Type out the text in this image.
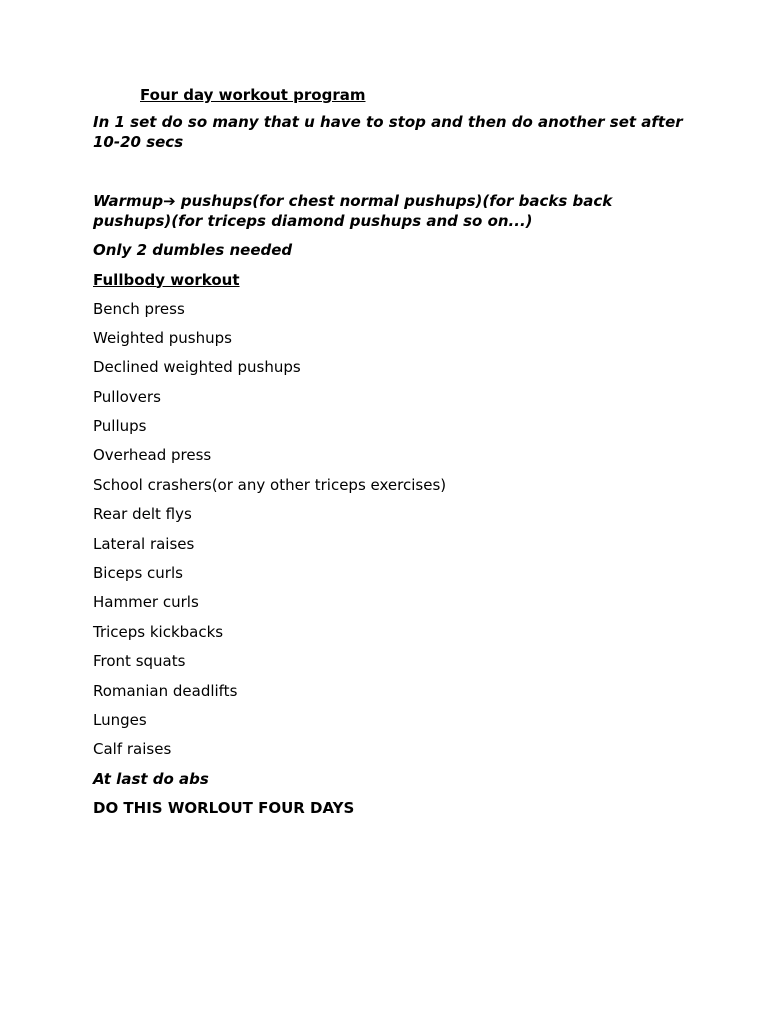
Four day workout program

In 1 set do so many that u have to stop and then do another set after 10-20 secs

Warmup➔ pushups(for chest normal pushups)(for backs back pushups)(for triceps diamond pushups and so on...)

Only 2 dumbles needed

Fullbody workout

Bench press
Weighted pushups
Declined weighted pushups
Pullovers
Pullups
Overhead press
School crashers(or any other triceps exercises)
Rear delt flys
Lateral raises
Biceps curls
Hammer curls
Triceps kickbacks
Front squats
Romanian deadlifts
Lunges
Calf raises

At last do abs

DO THIS WORLOUT FOUR DAYS
